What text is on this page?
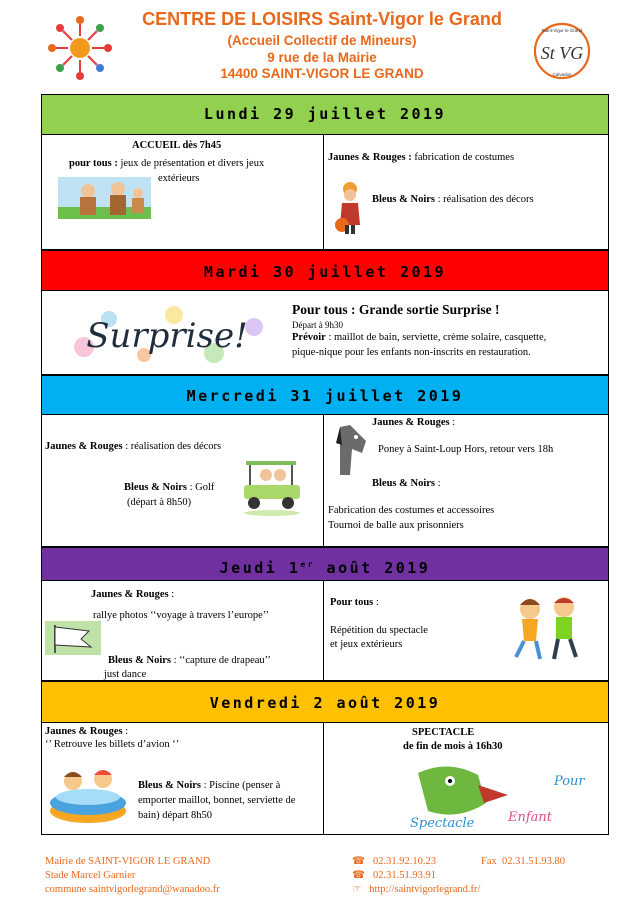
CENTRE DE LOISIRS Saint-Vigor le Grand
(Accueil Collectif de Mineurs)
9 rue de la Mairie
14400 SAINT-VIGOR LE GRAND
St VG
Saint-Vigor le Grand
Calvados
Lundi 29 juillet 2019
ACCUEIL dès 7h45
pour tous : jeux de présentation et divers jeux
extérieurs
Jaunes & Rouges : fabrication de costumes
Bleus & Noirs : réalisation des décors
Mardi 30 juillet 2019
Surprise!
Pour tous : Grande sortie Surprise !
Départ à 9h30
Prévoir : maillot de bain, serviette, crème solaire, casquette,
pique-nique pour les enfants non-inscrits en restauration.
Mercredi 31 juillet 2019
Jaunes & Rouges : réalisation des décors
Bleus & Noirs : Golf
(départ à 8h50)
Jaunes & Rouges :
Poney à Saint-Loup Hors, retour vers 18h
Bleus & Noirs :
Fabrication des costumes et accessoires
Tournoi de balle aux prisonniers
Jeudi 1er août 2019
Jaunes & Rouges :
rallye photos ‘‘voyage à travers l’europe’’
Bleus & Noirs : ‘‘capture de drapeau’’
just dance
Pour tous :
Répétition du spectacle
et jeux extérieurs
Vendredi 2 août 2019
Jaunes & Rouges :
‘’ Retrouve les billets d’avion ‘’
Bleus & Noirs : Piscine (penser à
emporter maillot, bonnet, serviette de
bain) départ 8h50
SPECTACLE
de fin de mois à 16h30
Spectacle	Enfant
Pour
Mairie de SAINT-VIGOR LE GRAND
Stade Marcel Garnier
commune saintvigorlegrand@wanadoo.fr
☎ 02.31.92.10.23	Fax 02.31.51.93.80
☎ 02.31.51.93.91
☞ http://saintvigorlegrand.fr/
